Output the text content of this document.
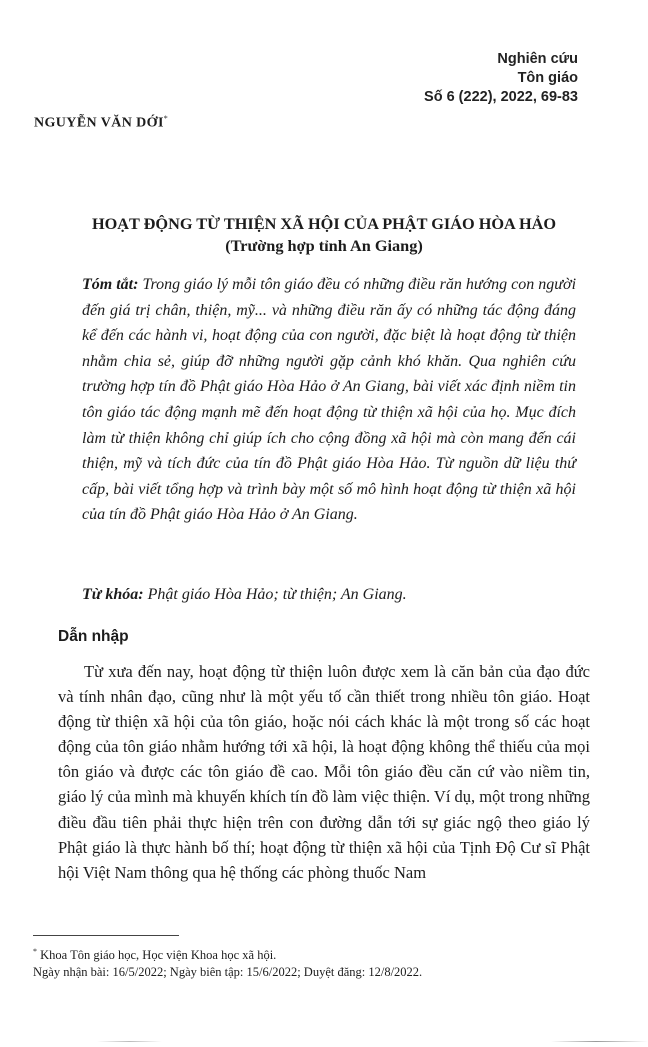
Nghiên cứu
Tôn giáo
Số 6 (222), 2022, 69-83
NGUYỄN VĂN DỚI*
HOẠT ĐỘNG TỪ THIỆN XÃ HỘI CỦA PHẬT GIÁO HÒA HẢO
(Trường hợp tỉnh An Giang)
Tóm tắt: Trong giáo lý mỗi tôn giáo đều có những điều răn hướng con người đến giá trị chân, thiện, mỹ... và những điều răn ấy có những tác động đáng kể đến các hành vi, hoạt động của con người, đặc biệt là hoạt động từ thiện nhằm chia sẻ, giúp đỡ những người gặp cảnh khó khăn. Qua nghiên cứu trường hợp tín đồ Phật giáo Hòa Hảo ở An Giang, bài viết xác định niềm tin tôn giáo tác động mạnh mẽ đến hoạt động từ thiện xã hội của họ. Mục đích làm từ thiện không chỉ giúp ích cho cộng đồng xã hội mà còn mang đến cái thiện, mỹ và tích đức của tín đồ Phật giáo Hòa Hảo. Từ nguồn dữ liệu thứ cấp, bài viết tổng hợp và trình bày một số mô hình hoạt động từ thiện xã hội của tín đồ Phật giáo Hòa Hảo ở An Giang.
Từ khóa: Phật giáo Hòa Hảo; từ thiện; An Giang.
Dẫn nhập
Từ xưa đến nay, hoạt động từ thiện luôn được xem là căn bản của đạo đức và tính nhân đạo, cũng như là một yếu tố cần thiết trong nhiều tôn giáo. Hoạt động từ thiện xã hội của tôn giáo, hoặc nói cách khác là một trong số các hoạt động của tôn giáo nhằm hướng tới xã hội, là hoạt động không thể thiếu của mọi tôn giáo và được các tôn giáo đề cao. Mỗi tôn giáo đều căn cứ vào niềm tin, giáo lý của mình mà khuyến khích tín đồ làm việc thiện. Ví dụ, một trong những điều đầu tiên phải thực hiện trên con đường dẫn tới sự giác ngộ theo giáo lý Phật giáo là thực hành bố thí; hoạt động từ thiện xã hội của Tịnh Độ Cư sĩ Phật hội Việt Nam thông qua hệ thống các phòng thuốc Nam
* Khoa Tôn giáo học, Học viện Khoa học xã hội.
Ngày nhận bài: 16/5/2022; Ngày biên tập: 15/6/2022; Duyệt đăng: 12/8/2022.
